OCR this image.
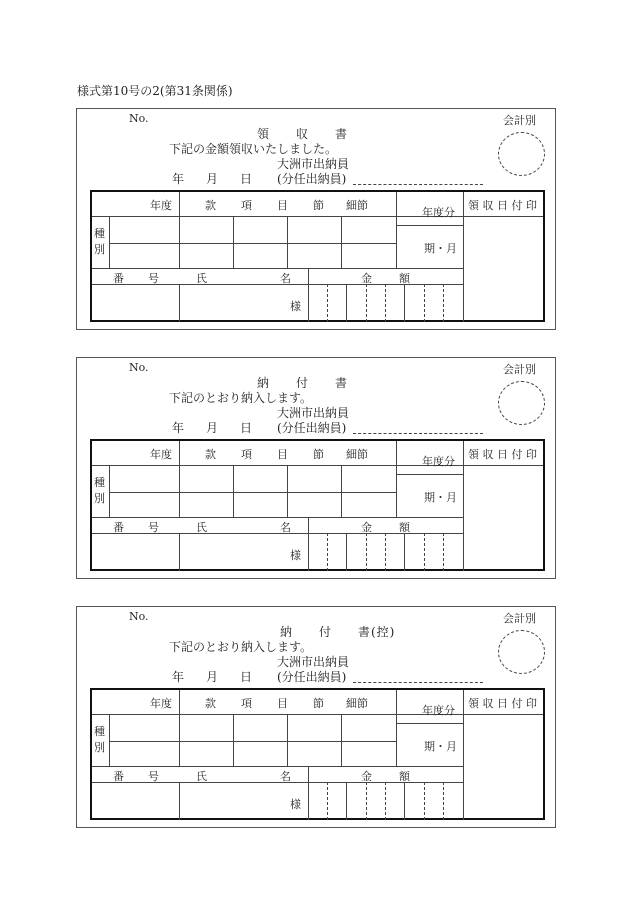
様式第10号の2(第31条関係)
No.	会計別
領　　収　　書
下記の金額領収いたしました。
大洲市出納員
年 月 日 (分任出納員)
年度	款 項 目 節 細節
年度分
領 収 日 付 印
種 別	期・月
番 号	氏	名	金 額
様
No.	会計別
納　　付　　書
下記のとおり納入します。
大洲市出納員
年 月 日 (分任出納員)
年度	款 項 目 節 細節
年度分
領 収 日 付 印
種 別	期・月
番 号	氏	名	金 額
様
No.	会計別
　納　　付　　書(控)
下記のとおり納入します。
大洲市出納員
年 月 日 (分任出納員)
年度	款 項 目 節 細節
年度分
領 収 日 付 印
種 別	期・月
番 号	氏	名	金 額
様
